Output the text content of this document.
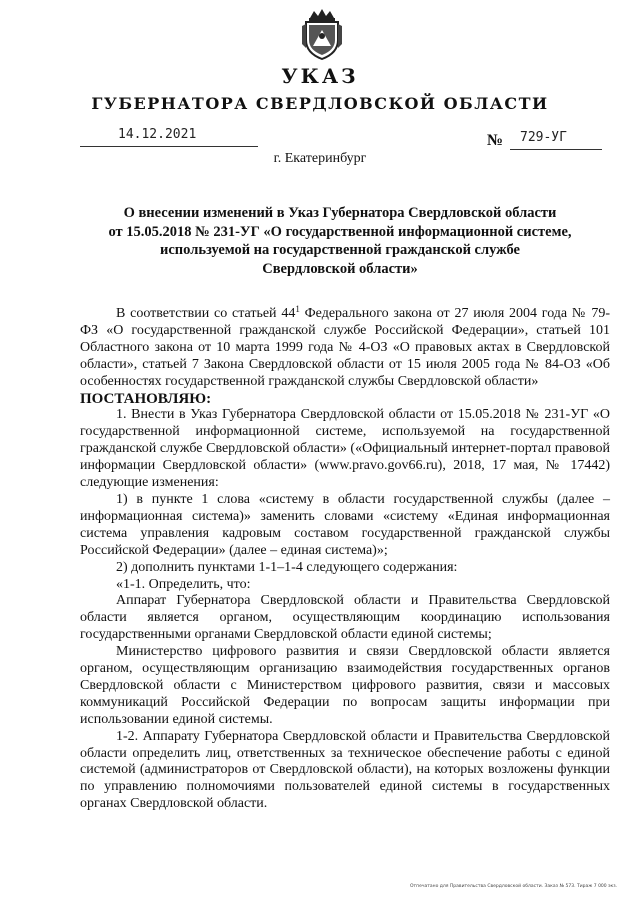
УКАЗ
ГУБЕРНАТОРА СВЕРДЛОВСКОЙ ОБЛАСТИ
14.12.2021	№ 729-УГ
г. Екатеринбург
О внесении изменений в Указ Губернатора Свердловской области
от 15.05.2018 № 231-УГ «О государственной информационной системе,
используемой на государственной гражданской службе
Свердловской области»

В соответствии со статьей $44^1$ Федерального закона от 27 июля 2004 года № 79-ФЗ «О государственной гражданской службе Российской Федерации», статьей 101 Областного закона от 10 марта 1999 года № 4-ОЗ «О правовых актах в Свердловской области», статьей 7 Закона Свердловской области от 15 июля 2005 года № 84-ОЗ «Об особенностях государственной гражданской службы Свердловской области»

ПОСТАНОВЛЯЮ:

1. Внести в Указ Губернатора Свердловской области от 15.05.2018 № 231-УГ «О государственной информационной системе, используемой на государственной гражданской службе Свердловской области» («Официальный интернет-портал правовой информации Свердловской области» (www.pravo.gov66.ru), 2018, 17 мая, № 17442) следующие изменения:

1) в пункте 1 слова «систему в области государственной службы (далее – информационная система)» заменить словами «систему «Единая информационная система управления кадровым составом государственной гражданской службы Российской Федерации» (далее – единая система)»;

2) дополнить пунктами 1-1–1-4 следующего содержания:

«1-1. Определить, что:

Аппарат Губернатора Свердловской области и Правительства Свердловской области является органом, осуществляющим координацию использования государственными органами Свердловской области единой системы;

Министерство цифрового развития и связи Свердловской области является органом, осуществляющим организацию взаимодействия государственных органов Свердловской области с Министерством цифрового развития, связи и массовых коммуникаций Российской Федерации по вопросам защиты информации при использовании единой системы.

1-2. Аппарату Губернатора Свердловской области и Правительства Свердловской области определить лиц, ответственных за техническое обеспечение работы с единой системой (администраторов от Свердловской области), на которых возложены функции по управлению полномочиями пользователей единой системы в государственных органах Свердловской области.

Отпечатано для Правительства Свердловской области. Заказ № 573. Тираж 7 000 экз.
